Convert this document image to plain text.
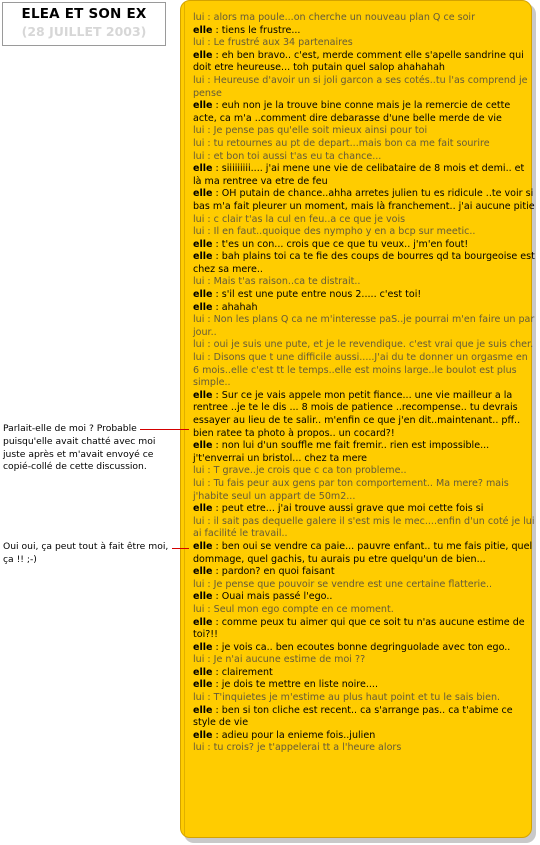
ELEA ET SON EX
(28 JUILLET 2003)
lui : alors ma poule...on cherche un nouveau plan Q ce soir
elle : tiens le frustre...
lui : Le frustré aux 34 partenaires
elle : eh ben bravo.. c'est, merde comment elle s'apelle sandrine qui doit etre heureuse... toh putain quel salop ahahahah
lui : Heureuse d'avoir un si joli garcon a ses cotés..tu l'as comprend je pense
elle : euh non je la trouve bine conne mais je la remercie de cette acte, ca m'a ..comment dire debarasse d'une belle merde de vie
lui : Je pense pas qu'elle soit mieux ainsi pour toi
lui : tu retournes au pt de depart...mais bon ca me fait sourire
lui : et bon toi aussi t'as eu ta chance...
elle : siiiiiiiii.... j'ai mene une vie de celibataire de 8 mois et demi.. et là ma rentree va etre de feu
elle : OH putain de chance..ahha arretes julien tu es ridicule ..te voir si bas m'a fait pleurer un moment, mais là franchement.. j'ai aucune pitie
lui : c clair t'as la cul en feu..a ce que je vois
lui : Il en faut..quoique des nympho y en a bcp sur meetic..
elle : t'es un con... crois que ce que tu veux.. j'm'en fout!
elle : bah plains toi ca te fie des coups de bourres qd ta bourgeoise est chez sa mere..
lui : Mais t'as raison..ca te distrait..
elle : s'il est une pute entre nous 2..... c'est toi!
elle : ahahah
lui : Non les plans Q ca ne m'interesse paS..je pourrai m'en faire un par jour..
lui : oui je suis une pute, et je le revendique. c'est vrai que je suis cher.
lui : Disons que t une difficile aussi.....J'ai du te donner un orgasme en 6 mois..elle c'est tt le temps..elle est moins large..le boulot est plus simple..
elle : Sur ce je vais appele mon petit fiance... une vie mailleur a la rentree ..je te le dis ... 8 mois de patience ..recompense.. tu devrais essayer au lieu de te salir.. m'enfin ce que j'en dit..maintenant.. pff.. bien ratee ta photo à propos.. un cocard?!
elle : non lui d'un souffle me fait fremir.. rien est impossible... j't'enverrai un bristol... chez ta mere
lui : T grave..je crois que c ca ton probleme..
lui : Tu fais peur aux gens par ton comportement.. Ma mere? mais j'habite seul un appart de 50m2...
elle : peut etre... j'ai trouve aussi grave que moi cette fois si
lui : il sait pas dequelle galere il s'est mis le mec....enfin d'un coté je lui ai facilité le travail..
elle : ben oui se vendre ca paie... pauvre enfant.. tu me fais pitie, quel dommage, quel gachis, tu aurais pu etre quelqu'un de bien...
elle : pardon? en quoi faisant
lui : Je pense que pouvoir se vendre est une certaine flatterie..
elle : Ouai mais passé l'ego..
lui : Seul mon ego compte en ce moment.
elle : comme peux tu aimer qui que ce soit tu n'as aucune estime de toi?!!
elle : je vois ca.. ben ecoutes bonne degringuolade avec ton ego..
lui : Je n'ai aucune estime de moi ??
elle : clairement
elle : je dois te mettre en liste noire....
lui : T'inquietes je m'estime au plus haut point et tu le sais bien.
elle : ben si ton cliche est recent.. ca s'arrange pas.. ca t'abime ce style de vie
elle : adieu pour la enieme fois..julien
lui : tu crois? je t'appelerai tt a l'heure alors
Parlait-elle de moi ? Probable puisqu'elle avait chatté avec moi juste après et m'avait envoyé ce copié-collé de cette discussion.
Oui oui, ça peut tout à fait être moi, ça !! ;-)
